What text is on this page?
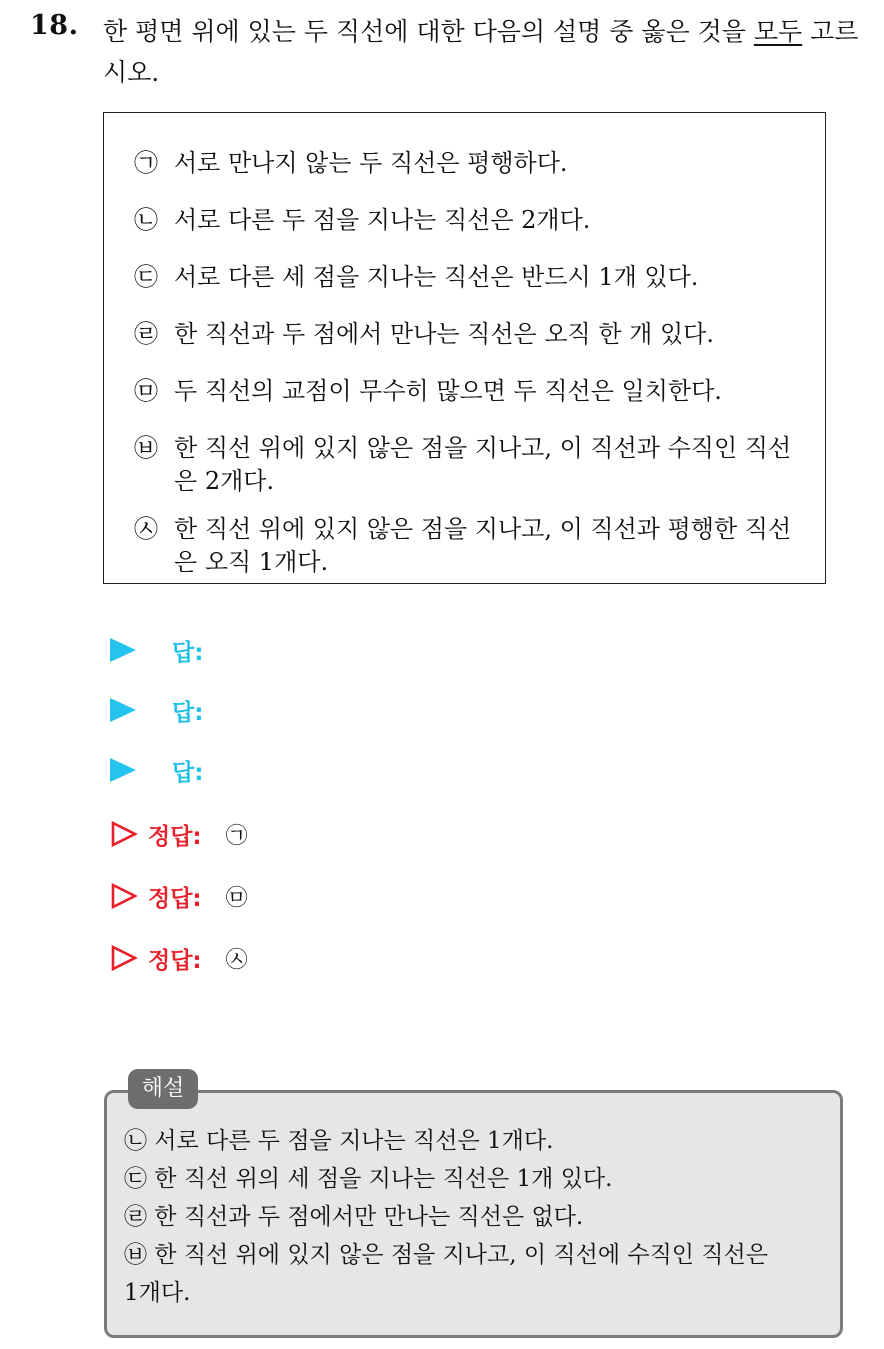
18. 한 평면 위에 있는 두 직선에 대한 다음의 설명 중 옳은 것을 모두 고르시오.
㉠ 서로 만나지 않는 두 직선은 평행하다.
㉡ 서로 다른 두 점을 지나는 직선은 2개다.
㉢ 서로 다른 세 점을 지나는 직선은 반드시 1개 있다.
㉣ 한 직선과 두 점에서 만나는 직선은 오직 한 개 있다.
㉤ 두 직선의 교점이 무수히 많으면 두 직선은 일치한다.
㉥ 한 직선 위에 있지 않은 점을 지나고, 이 직선과 수직인 직선은 2개다.
㉦ 한 직선 위에 있지 않은 점을 지나고, 이 직선과 평행한 직선은 오직 1개다.
답:
답:
답:
정답: ㉠
정답: ㉤
정답: ㉦
해설
㉡ 서로 다른 두 점을 지나는 직선은 1개다.
㉢ 한 직선 위의 세 점을 지나는 직선은 1개 있다.
㉣ 한 직선과 두 점에서만 만나는 직선은 없다.
㉥ 한 직선 위에 있지 않은 점을 지나고, 이 직선에 수직인 직선은
1개다.
